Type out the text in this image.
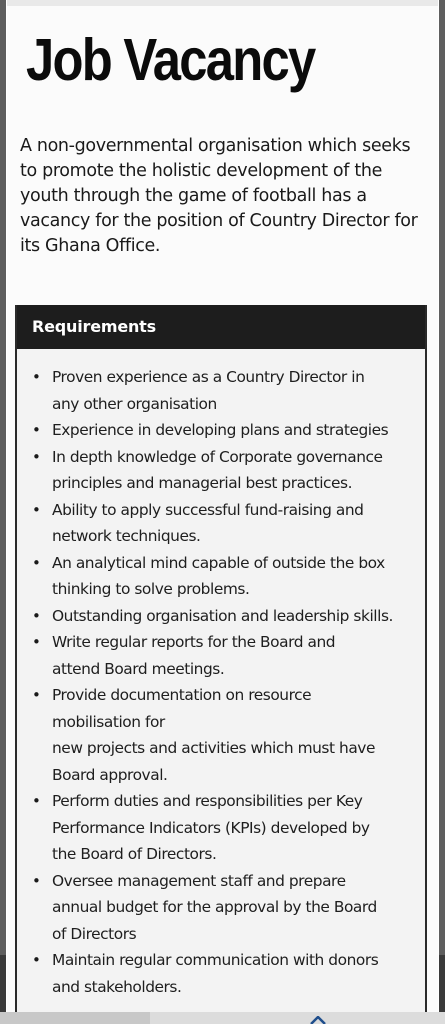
Job Vacancy

A non-governmental organisation which seeks to promote the holistic development of the youth through the game of football has a vacancy for the position of Country Director for its Ghana Office.

Requirements
• Proven experience as a Country Director in
any other organisation
• Experience in developing plans and strategies
• In depth knowledge of Corporate governance
principles and managerial best practices.
• Ability to apply successful fund-raising and
network techniques.
• An analytical mind capable of outside the box
thinking to solve problems.
• Outstanding organisation and leadership skills.
• Write regular reports for the Board and
attend Board meetings.
• Provide documentation on resource
mobilisation for
new projects and activities which must have
Board approval.
• Perform duties and responsibilities per Key
Performance Indicators (KPIs) developed by
the Board of Directors.
• Oversee management staff and prepare
annual budget for the approval by the Board
of Directors
• Maintain regular communication with donors
and stakeholders.
